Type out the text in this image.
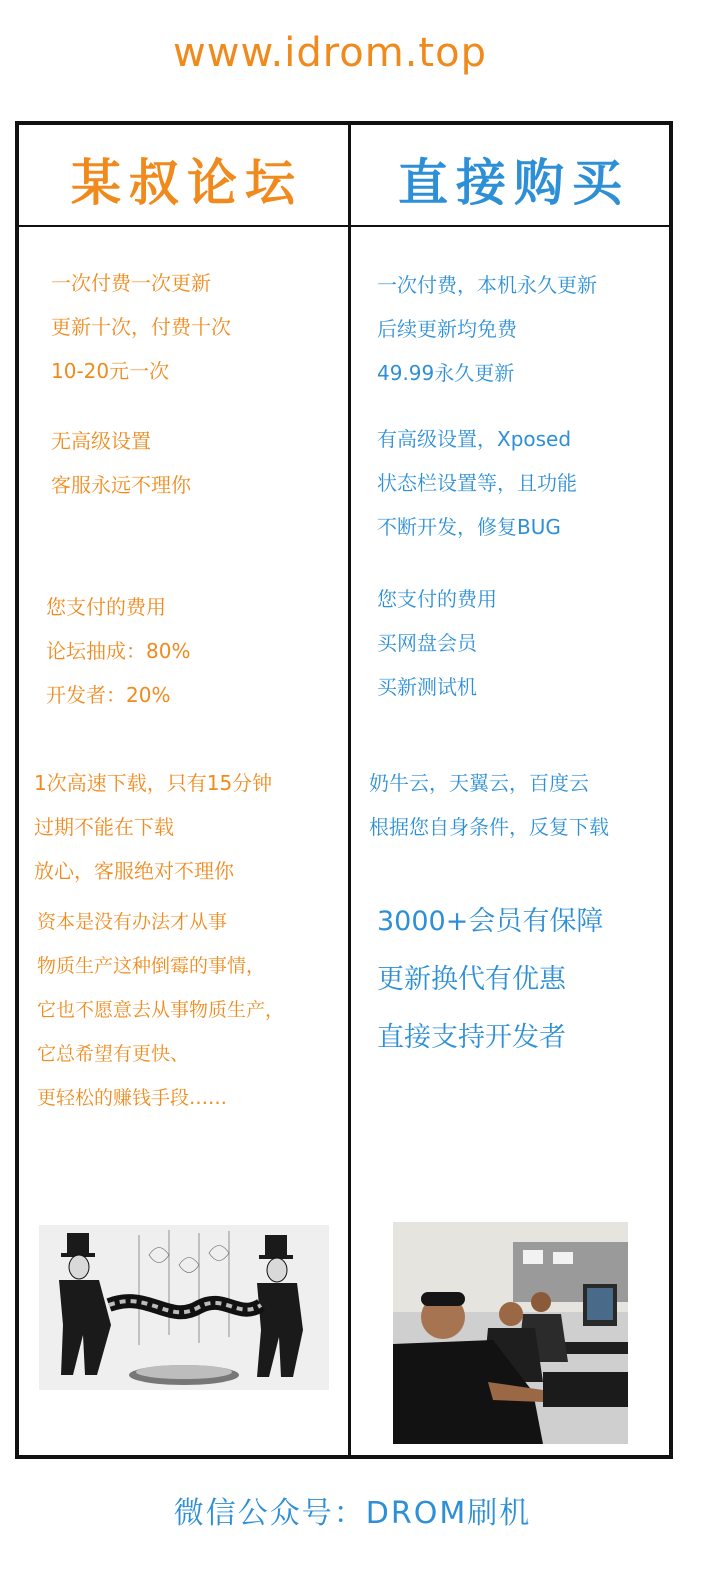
www.idrom.top
某叔论坛	直接购买
一次付费一次更新
更新十次，付费十次
10-20元一次
无高级设置
客服永远不理你
您支付的费用
论坛抽成：80%
开发者：20%
1次高速下载，只有15分钟
过期不能在下载
放心，客服绝对不理你
资本是没有办法才从事
物质生产这种倒霉的事情，
它也不愿意去从事物质生产，
它总希望有更快、
更轻松的赚钱手段……
一次付费，本机永久更新
后续更新均免费
49.99永久更新
有高级设置，Xposed
状态栏设置等，且功能
不断开发，修复BUG
您支付的费用
买网盘会员
买新测试机
奶牛云，天翼云，百度云
根据您自身条件，反复下载
3000+会员有保障
更新换代有优惠
直接支持开发者
微信公众号：DROM刷机
